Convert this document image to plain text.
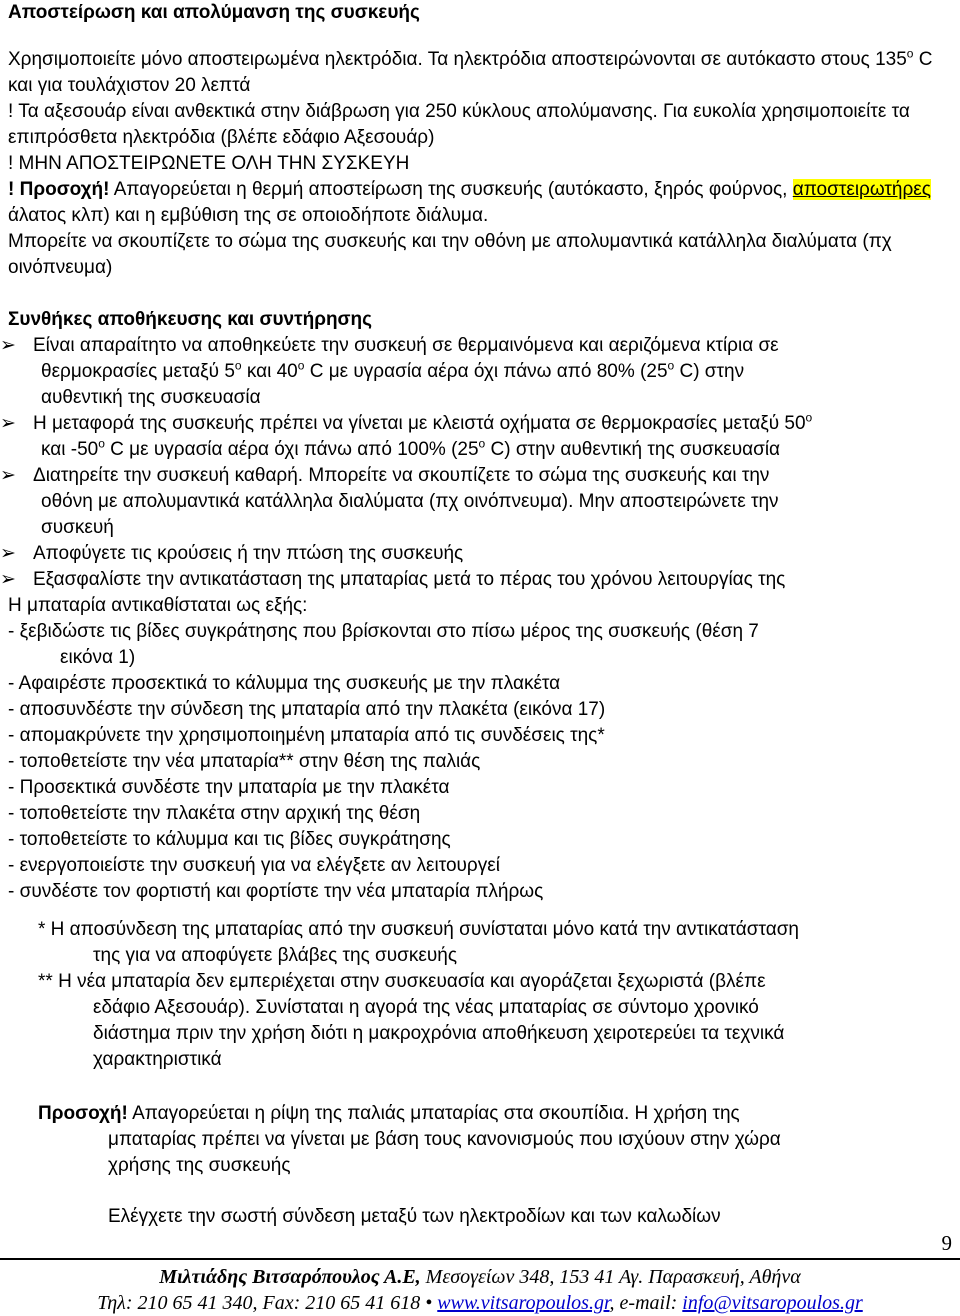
Αποστείρωση και απολύμανση της συσκευής

Χρησιμοποιείτε μόνο αποστειρωμένα ηλεκτρόδια. Τα ηλεκτρόδια αποστειρώνονται σε αυτόκαστο στους $135^o$ C και για τουλάχιστον 20 λεπτά

! Τα αξεσουάρ είναι ανθεκτικά στην διάβρωση για 250 κύκλους απολύμανσης. Για ευκολία χρησιμοποιείτε τα επιπρόσθετα ηλεκτρόδια (βλέπε εδάφιο Αξεσουάρ)

! ΜΗΝ ΑΠΟΣΤΕΙΡΩΝΕΤΕ ΟΛΗ ΤΗΝ ΣΥΣΚΕΥΗ

! Προσοχή! Απαγορεύεται η θερμή αποστείρωση της συσκευής (αυτόκαστο, ξηρός φούρνος, αποστειρωτήρες άλατος κλπ) και η εμβύθιση της σε οποιοδήποτε διάλυμα.

Μπορείτε να σκουπίζετε το σώμα της συσκευής και την οθόνη με απολυμαντικά κατάλληλα διαλύματα (πχ οινόπνευμα)

Συνθήκες αποθήκευσης και συντήρησης
➢ Είναι απαραίτητο να αποθηκεύετε την συσκευή σε θερμαινόμενα και αεριζόμενα κτίρια σε
θερμοκρασίες μεταξύ $5^o$ και $40^o$ C με υγρασία αέρα όχι πάνω από 80% ($25^o$ C) στην
αυθεντική της συσκευασία
➢ Η μεταφορά της συσκευής πρέπει να γίνεται με κλειστά οχήματα σε θερμοκρασίες μεταξύ $50^o$
και $-50^o$ C με υγρασία αέρα όχι πάνω από 100% ($25^o$ C) στην αυθεντική της συσκευασία
➢ Διατηρείτε την συσκευή καθαρή. Μπορείτε να σκουπίζετε το σώμα της συσκευής και την
οθόνη με απολυμαντικά κατάλληλα διαλύματα (πχ οινόπνευμα). Μην αποστειρώνετε την
συσκευή
➢ Αποφύγετε τις κρούσεις ή την πτώση της συσκευής
➢ Εξασφαλίστε την αντικατάσταση της μπαταρίας μετά το πέρας του χρόνου λειτουργίας της

Η μπαταρία αντικαθίσταται ως εξής:

- ξεβιδώστε τις βίδες συγκράτησης που βρίσκονται στο πίσω μέρος της συσκευής (θέση 7
εικόνα 1)

- Αφαιρέστε προσεκτικά το κάλυμμα της συσκευής με την πλακέτα

- αποσυνδέστε την σύνδεση της μπαταρία από την πλακέτα (εικόνα 17)

- απομακρύνετε την χρησιμοποιημένη μπαταρία από τις συνδέσεις της*

- τοποθετείστε την νέα μπαταρία** στην θέση της παλιάς

- Προσεκτικά συνδέστε την μπαταρία με την πλακέτα

- τοποθετείστε την πλακέτα στην αρχική της θέση

- τοποθετείστε το κάλυμμα και τις βίδες συγκράτησης

- ενεργοποιείστε την συσκευή για να ελέγξετε αν λειτουργεί

- συνδέστε τον φορτιστή και φορτίστε την νέα μπαταρία πλήρως

* Η αποσύνδεση της μπαταρίας από την συσκευή συνίσταται μόνο κατά την αντικατάσταση
της για να αποφύγετε βλάβες της συσκευής
** Η νέα μπαταρία δεν εμπεριέχεται στην συσκευασία και αγοράζεται ξεχωριστά (βλέπε
εδάφιο Αξεσουάρ). Συνίσταται η αγορά της νέας μπαταρίας σε σύντομο χρονικό
διάστημα πριν την χρήση διότι η μακροχρόνια αποθήκευση χειροτερεύει τα τεχνικά
χαρακτηριστικά
Προσοχή! Απαγορεύεται η ρίψη της παλιάς μπαταρίας στα σκουπίδια. Η χρήση της
μπαταρίας πρέπει να γίνεται με βάση τους κανονισμούς που ισχύουν στην χώρα
χρήσης της συσκευής

Ελέγχετε την σωστή σύνδεση μεταξύ των ηλεκτροδίων και των καλωδίων

9
Μιλτιάδης Βιτσαρόπουλος Α.Ε, Μεσογείων 348, 153 41 Αγ. Παρασκευή, Αθήνα
Τηλ: 210 65 41 340, Fax: 210 65 41 618 • www.vitsaropoulos.gr, e-mail: info@vitsaropoulos.gr
